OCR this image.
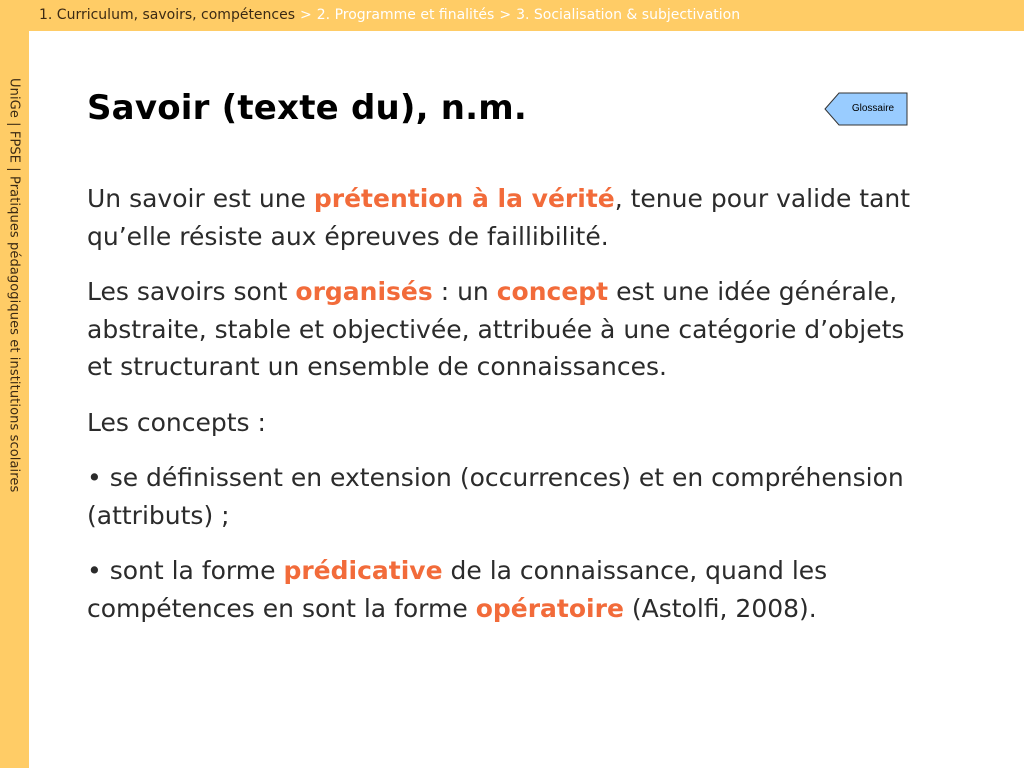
1. Curriculum, savoirs, compétences > 2. Programme et finalités > 3. Socialisation & subjectivation
UniGe | FPSE | Pratiques pédagogiques et institutions scolaires Savoir (texte du), n.m.	Glossaire

Un savoir est une prétention à la vérité, tenue pour valide tant qu’elle résiste aux épreuves de faillibilité.

Les savoirs sont organisés : un concept est une idée générale, abstraite, stable et objectivée, attribuée à une catégorie d’objets et structurant un ensemble de connaissances.

Les concepts :

• se définissent en extension (occurrences) et en compréhension (attributs) ;

• sont la forme prédicative de la connaissance, quand les compétences en sont la forme opératoire (Astolfi, 2008).
